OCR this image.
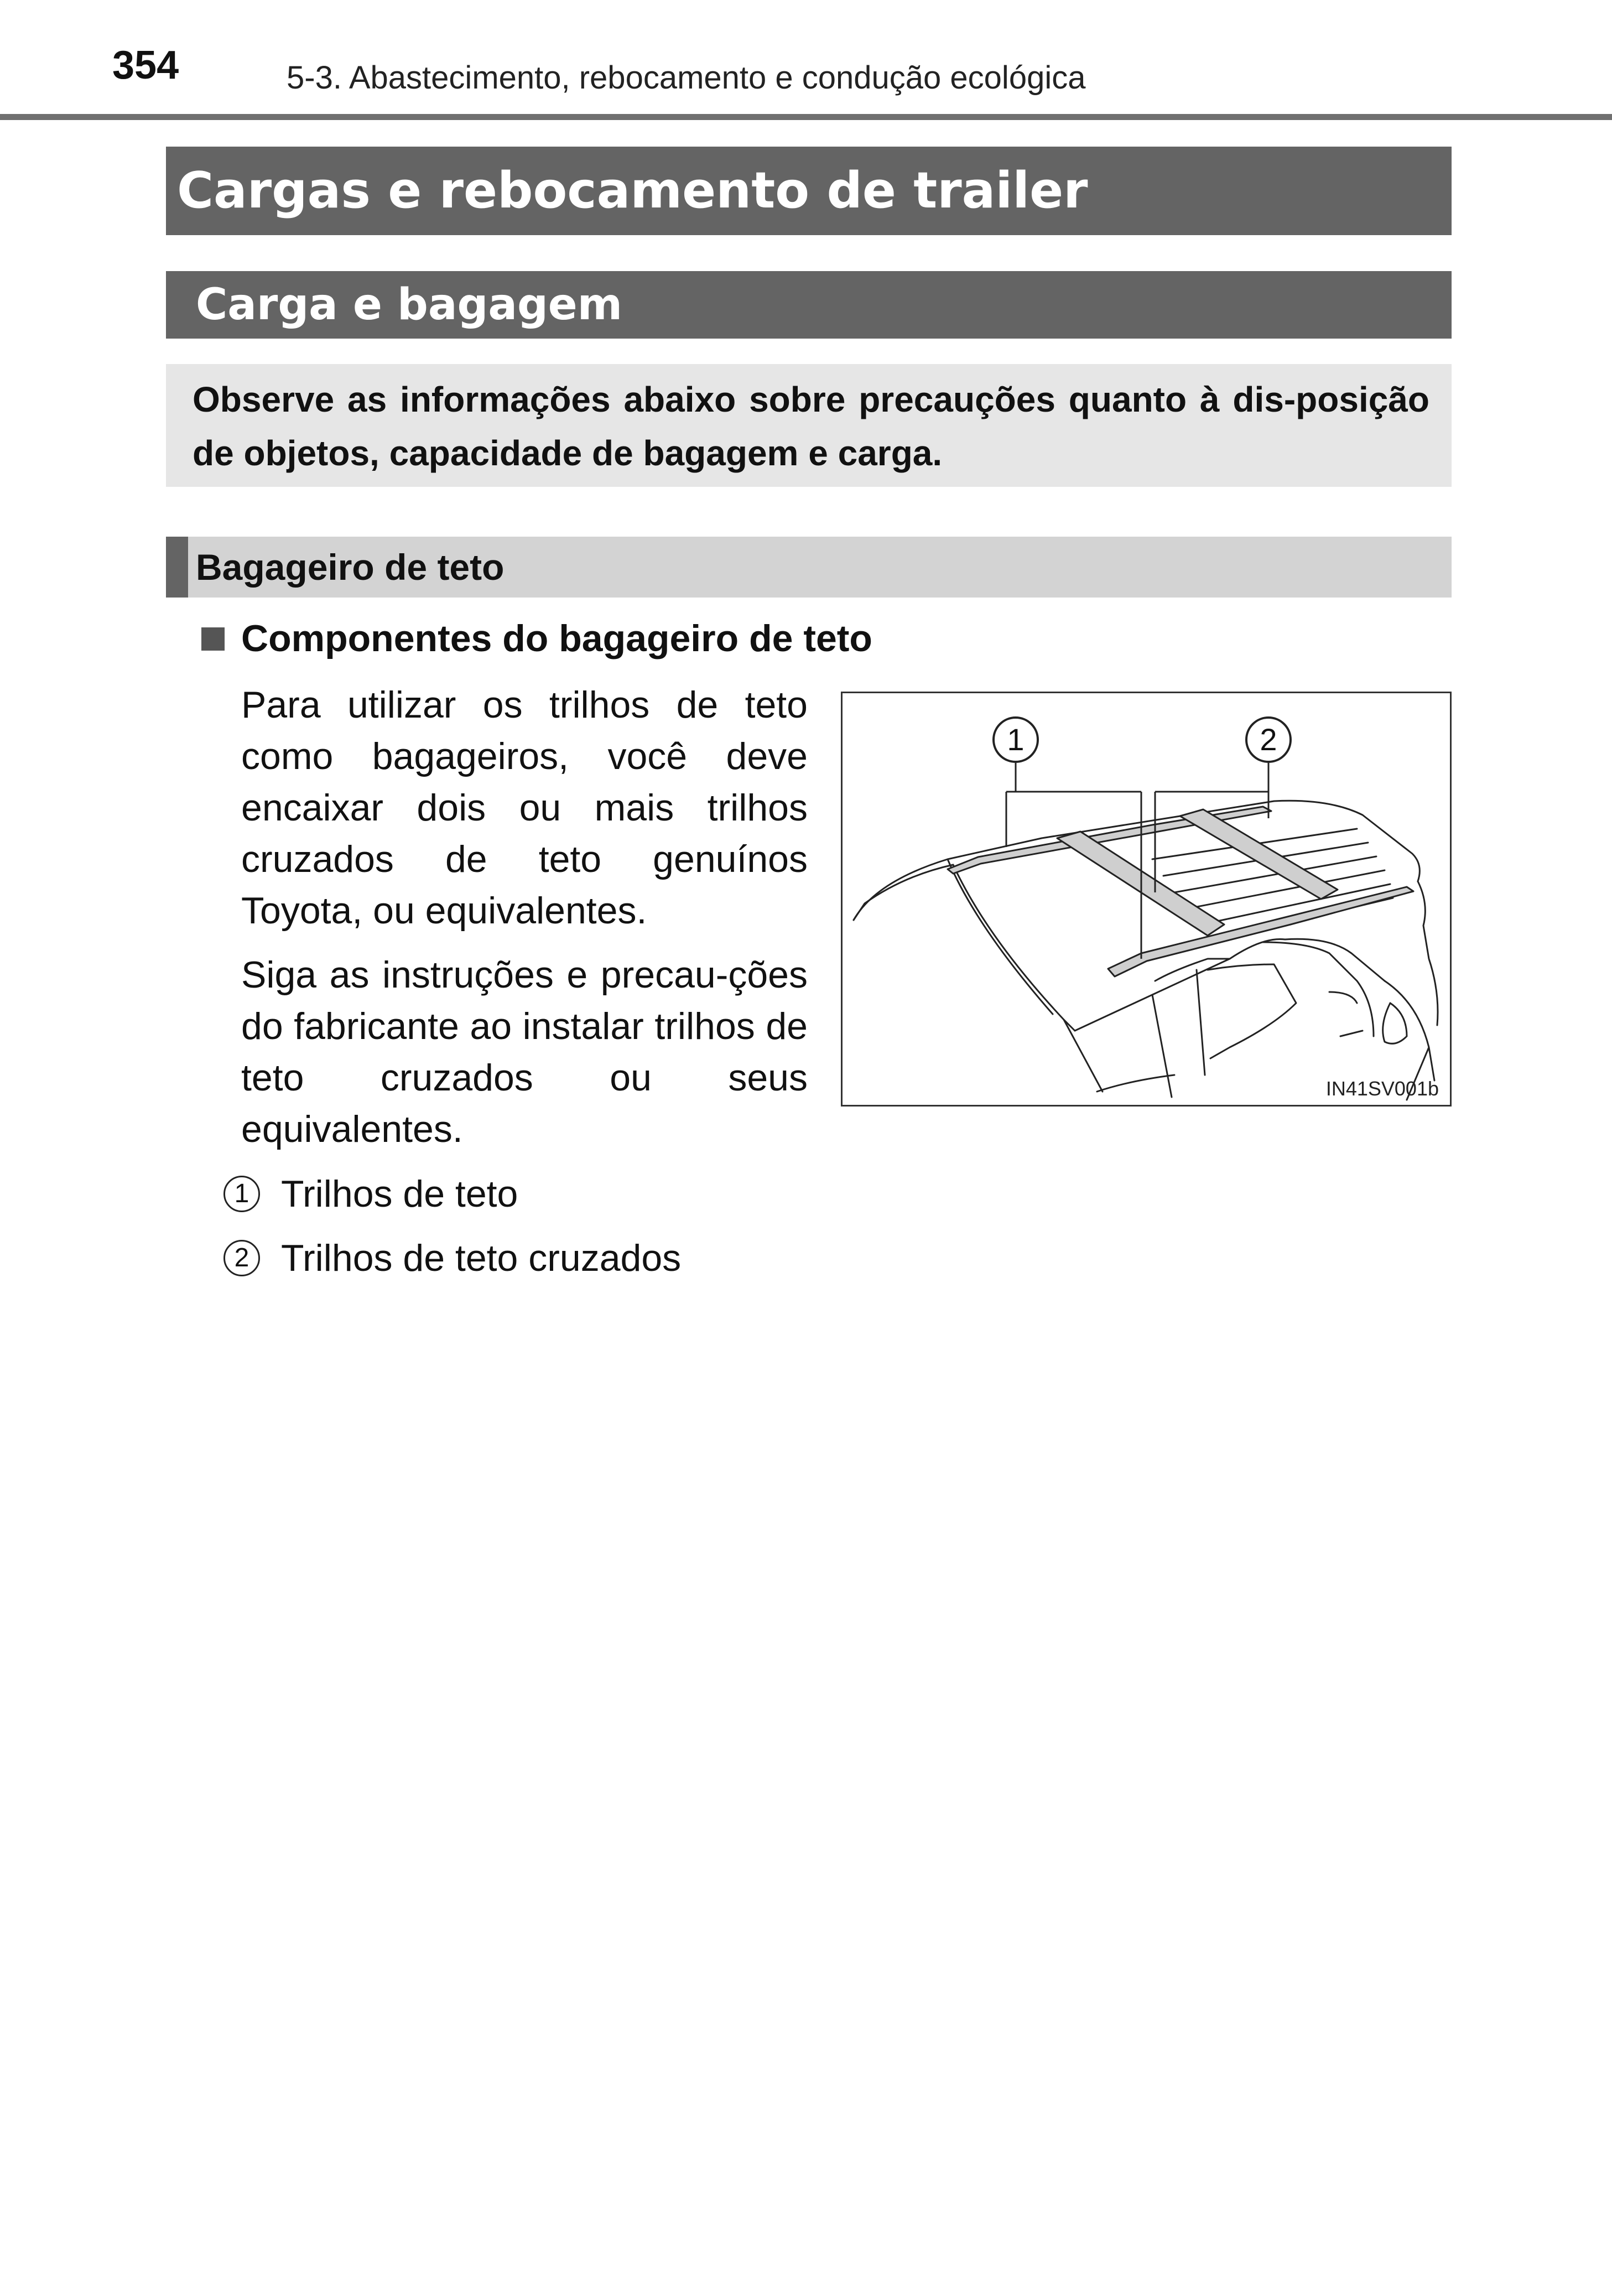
354	5-3. Abastecimento, rebocamento e condução ecológica
Cargas e rebocamento de trailer
Carga e bagagem
Observe as informações abaixo sobre precauções quanto à dis-posição de objetos, capacidade de bagagem e carga.
Bagageiro de teto
Componentes do bagageiro de teto
Para utilizar os trilhos de teto como bagageiros, você deve encaixar dois ou mais trilhos cruzados de teto genuínos Toyota, ou equivalentes.
Siga as instruções e precau-ções do fabricante ao instalar trilhos de teto cruzados ou seus equivalentes.
1 Trilhos de teto
2 Trilhos de teto cruzados
1	2
IN41SV001b
